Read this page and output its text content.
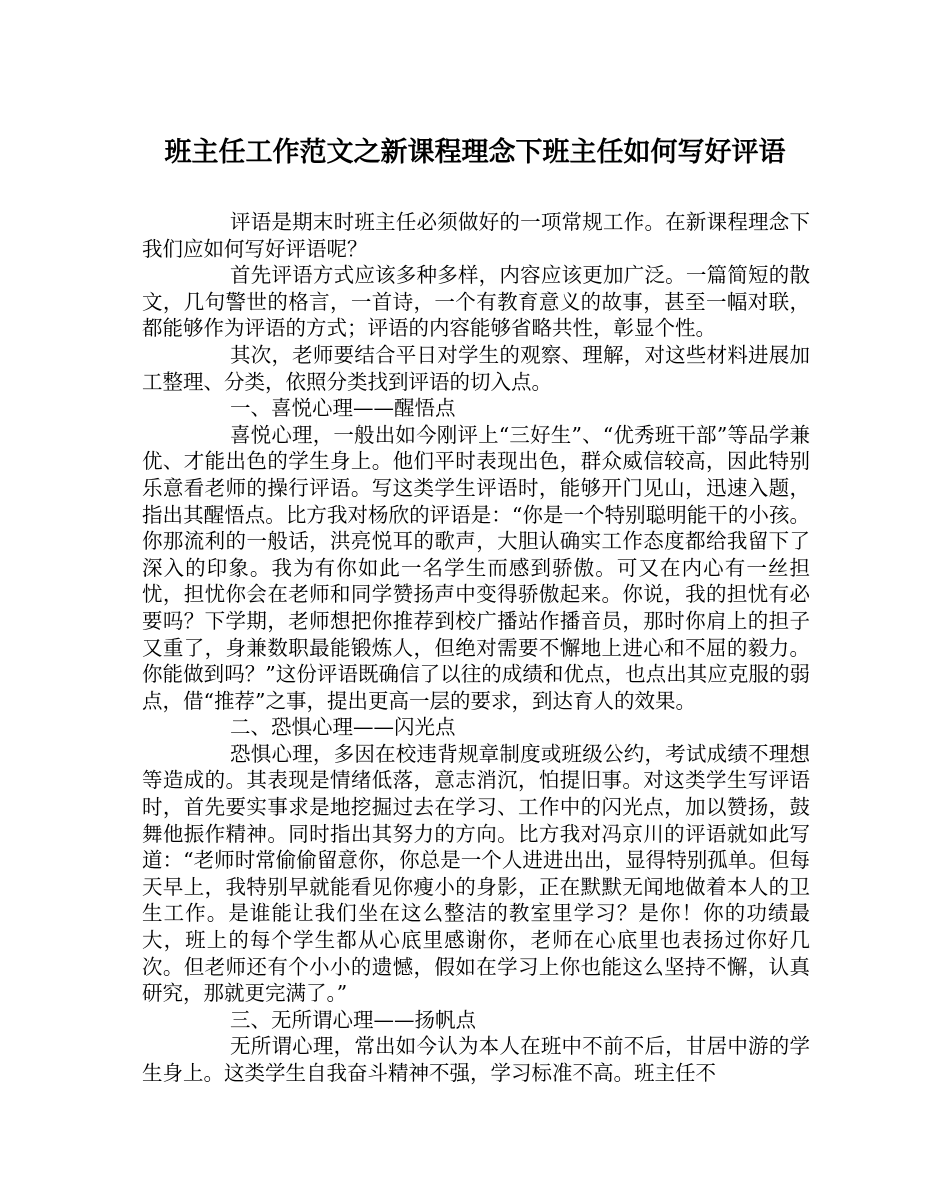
班主任工作范文之新课程理念下班主任如何写好评语

评语是期末时班主任必须做好的一项常规工作。在新课程理念下我们应如何写好评语呢？

首先评语方式应该多种多样，内容应该更加广泛。一篇简短的散文，几句警世的格言，一首诗，一个有教育意义的故事，甚至一幅对联，都能够作为评语的方式；评语的内容能够省略共性，彰显个性。

其次，老师要结合平日对学生的观察、理解，对这些材料进展加工整理、分类，依照分类找到评语的切入点。

一、喜悦心理——醒悟点

喜悦心理，一般出如今刚评上“三好生”、“优秀班干部”等品学兼优、才能出色的学生身上。他们平时表现出色，群众威信较高，因此特别乐意看老师的操行评语。写这类学生评语时，能够开门见山，迅速入题，指出其醒悟点。比方我对杨欣的评语是：“你是一个特别聪明能干的小孩。你那流利的一般话，洪亮悦耳的歌声，大胆认确实工作态度都给我留下了深入的印象。我为有你如此一名学生而感到骄傲。可又在内心有一丝担忧，担忧你会在老师和同学赞扬声中变得骄傲起来。你说，我的担忧有必要吗？下学期，老师想把你推荐到校广播站作播音员，那时你肩上的担子又重了，身兼数职最能锻炼人，但绝对需要不懈地上进心和不屈的毅力。你能做到吗？”这份评语既确信了以往的成绩和优点，也点出其应克服的弱点，借“推荐”之事，提出更高一层的要求，到达育人的效果。

二、恐惧心理——闪光点

恐惧心理，多因在校违背规章制度或班级公约，考试成绩不理想等造成的。其表现是情绪低落，意志消沉，怕提旧事。对这类学生写评语时，首先要实事求是地挖掘过去在学习、工作中的闪光点，加以赞扬，鼓舞他振作精神。同时指出其努力的方向。比方我对冯京川的评语就如此写道：“老师时常偷偷留意你，你总是一个人进进出出，显得特别孤单。但每天早上，我特别早就能看见你瘦小的身影，正在默默无闻地做着本人的卫生工作。是谁能让我们坐在这么整洁的教室里学习？是你！你的功绩最大，班上的每个学生都从心底里感谢你，老师在心底里也表扬过你好几次。但老师还有个小小的遗憾，假如在学习上你也能这么坚持不懈，认真研究，那就更完满了。”

三、无所谓心理——扬帆点

无所谓心理，常出如今认为本人在班中不前不后，甘居中游的学生身上。这类学生自我奋斗精神不强，学习标准不高。班主任不
